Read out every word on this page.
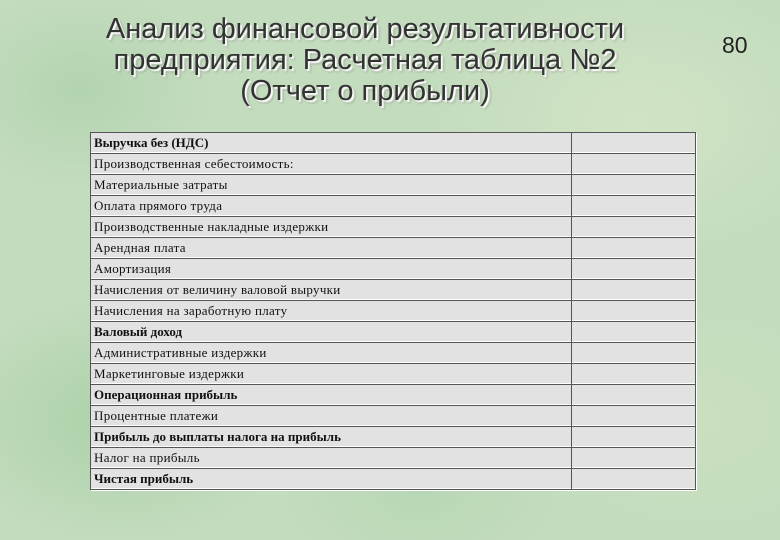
Анализ финансовой результативности
предприятия: Расчетная таблица №2
(Отчет о прибыли)
80
Выручка без (НДС)	
Производственная себестоимость:	
Материальные затраты	
Оплата прямого труда	
Производственные накладные издержки	
Арендная плата	
Амортизация	
Начисления от величину валовой выручки	
Начисления на заработную плату	
Валовый доход	
Административные издержки	
Маркетинговые издержки	
Операционная прибыль	
Процентные платежи	
Прибыль до выплаты налога на прибыль	
Налог на прибыль	
Чистая прибыль	
